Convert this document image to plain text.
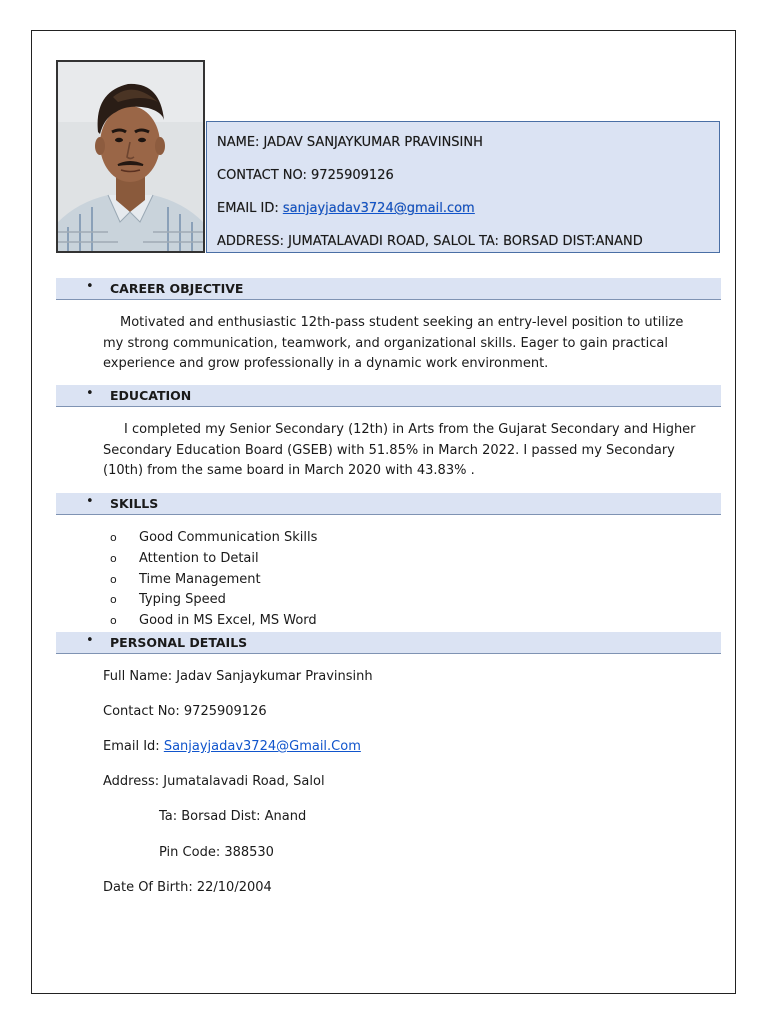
NAME: JADAV SANJAYKUMAR PRAVINSINH
CONTACT NO: 9725909126
EMAIL ID: sanjayjadav3724@gmail.com
ADDRESS: JUMATALAVADI ROAD, SALOL TA: BORSAD DIST:ANAND
• CAREER OBJECTIVE
Motivated and enthusiastic 12th-pass student seeking an entry-level position to utilize my strong communication, teamwork, and organizational skills. Eager to gain practical experience and grow professionally in a dynamic work environment.
• EDUCATION
I completed my Senior Secondary (12th) in Arts from the Gujarat Secondary and Higher Secondary Education Board (GSEB) with 51.85% in March 2022. I passed my Secondary (10th) from the same board in March 2020 with 43.83% .
• SKILLS
o Good Communication Skills
o Attention to Detail
o Time Management
o Typing Speed
o Good in MS Excel, MS Word
• PERSONAL DETAILS
Full Name: Jadav Sanjaykumar Pravinsinh
Contact No: 9725909126
Email Id: Sanjayjadav3724@Gmail.Com
Address: Jumatalavadi Road, Salol
Ta: Borsad Dist: Anand
Pin Code: 388530
Date Of Birth: 22/10/2004
